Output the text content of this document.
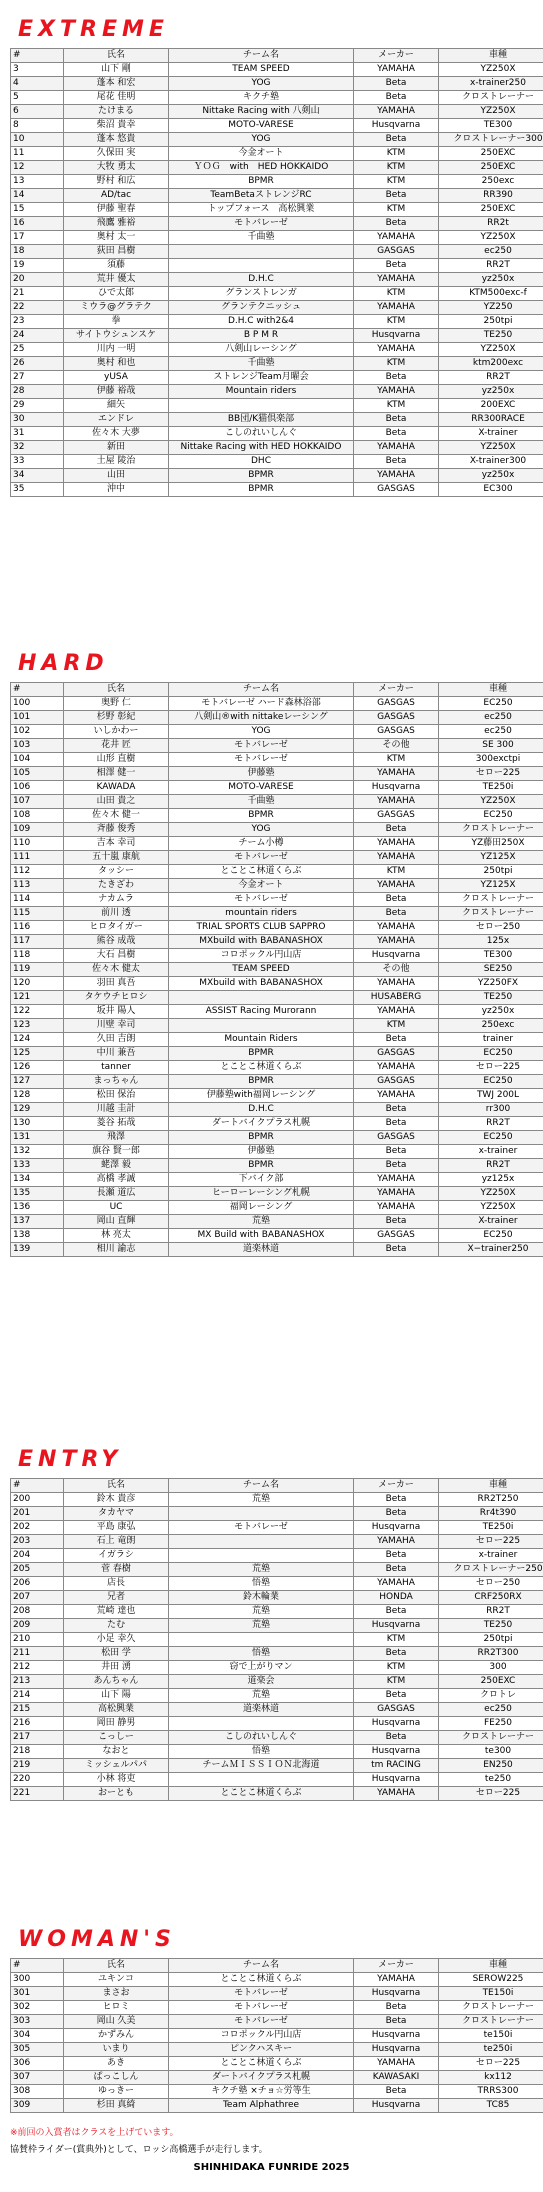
EXTREME
#	氏名	チーム名	メーカー	車種
3	山下 剛	TEAM SPEED	YAMAHA	YZ250X
4	蓬本 和宏	YOG	Beta	x-trainer250
5	尾花 佳明	キクチ塾	Beta	クロストレーナー
6	たけまる	Nittake Racing with 八剣山	YAMAHA	YZ250X
8	柴沼 貴幸	MOTO-VARESE	Husqvarna	TE300
10	蓬本 悠貴	YOG	Beta	クロストレーナー300
11	久保田 実	今金オート	KTM	250EXC
12	大牧 勇太	ＹＯＧ　with　HED HOKKAIDO	KTM	250EXC
13	野村 和広	BPMR	KTM	250exc
14	AD/tac	TeamBetaストレンジRC	Beta	RR390
15	伊藤 聖春	トップフォース　高松興業	KTM	250EXC
16	飛鷹 雅裕	モトバレーゼ	Beta	RR2t
17	奥村 太一	千曲塾	YAMAHA	YZ250X
18	荻田 昌樹		GASGAS	ec250
19	須藤		Beta	RR2T
20	荒井 優太	D.H.C	YAMAHA	yz250x
21	ひで太郎	グランストレンガ	KTM	KTM500exc-f
22	ミウラ@グラテク	グランテクニッシュ	YAMAHA	YZ250
23	拳	D.H.C with2&4	KTM	250tpi
24	サイトウシュンスケ	B P M R	Husqvarna	TE250
25	川内 一明	八剣山レーシング	YAMAHA	YZ250X
26	奥村 和也	千曲塾	KTM	ktm200exc
27	yUSA	ストレンジTeam月曜会	Beta	RR2T
28	伊藤 裕哉	Mountain riders	YAMAHA	yz250x
29	細矢		KTM	200EXC
30	エンドレ	BB団/K猫倶楽部	Beta	RR300RACE
31	佐々木 大夢	こしのれいしんぐ	Beta	X-trainer
32	新田	Nittake Racing with HED HOKKAIDO	YAMAHA	YZ250X
33	土屋 陵治	DHC	Beta	X-trainer300
34	山田	BPMR	YAMAHA	yz250x
35	沖中	BPMR	GASGAS	EC300
HARD
#	氏名	チーム名	メーカー	車種
100	奥野 仁	モトバレーゼ ハード森林浴部	GASGAS	EC250
101	杉野 彰紀	八剣山®with nittakeレーシング	GASGAS	ec250
102	いしかわー	YOG	GASGAS	ec250
103	花井 匠	モトバレーゼ	その他	SE 300
104	山形 直樹	モトバレーゼ	KTM	300exctpi
105	相澤 健一	伊藤塾	YAMAHA	セロー225
106	KAWADA	MOTO-VARESE	Husqvarna	TE250i
107	山田 貴之	千曲塾	YAMAHA	YZ250X
108	佐々木 健一	BPMR	GASGAS	EC250
109	斉藤 俊秀	YOG	Beta	クロストレーナー
110	吉本 幸司	チーム小樽	YAMAHA	YZ藤田250X
111	五十嵐 康航	モトバレーゼ	YAMAHA	YZ125X
112	タッシー	とことこ林道くらぶ	KTM	250tpi
113	たきざわ	今金オート	YAMAHA	YZ125X
114	ナカムラ	モトバレーゼ	Beta	クロストレーナー
115	前川 透	mountain riders	Beta	クロストレーナー
116	ヒロタイガー	TRIAL SPORTS CLUB SAPPRO	YAMAHA	セロー250
117	熊谷 成哉	MXbuild with BABANASHOX	YAMAHA	125x
118	大石 昌樹	コロポックル円山店	Husqvarna	TE300
119	佐々木 健太	TEAM SPEED	その他	SE250
120	羽田 真吾	MXbuild with BABANASHOX	YAMAHA	YZ250FX
121	タケウチヒロシ		HUSABERG	TE250
122	坂井 陽人	ASSIST Racing Murorann	YAMAHA	yz250x
123	川壁 幸司		KTM	250exc
124	久田 吉朗	Mountain Riders	Beta	trainer
125	中川 兼吾	BPMR	GASGAS	EC250
126	tanner	とことこ林道くらぶ	YAMAHA	セロー225
127	まっちゃん	BPMR	GASGAS	EC250
128	松田 保治	伊藤塾with福岡レーシング	YAMAHA	TWJ 200L
129	川越 圭計	D.H.C	Beta	rr300
130	菱谷 拓哉	ダートバイクプラス札幌	Beta	RR2T
131	飛澤	BPMR	GASGAS	EC250
132	旗谷 賢一郎	伊藤塾	Beta	x-trainer
133	蛯澤 毅	BPMR	Beta	RR2T
134	高橋 孝誠	下バイク部	YAMAHA	yz125x
135	長瀬 道広	ヒーローレーシング札幌	YAMAHA	YZ250X
136	UC	福岡レーシング	YAMAHA	YZ250X
137	岡山 直輝	荒塾	Beta	X-trainer
138	林 亮太	MX Build with BABANASHOX	GASGAS	EC250
139	相川 諭志	道楽林道	Beta	X−trainer250
ENTRY
#	氏名	チーム名	メーカー	車種
200	鈴木 貴彦	荒塾	Beta	RR2T250
201	タカヤマ		Beta	Rr4t390
202	平島 康弘	モトバレーゼ	Husqvarna	TE250i
203	石上 竜朗		YAMAHA	セロー225
204	イガラシ		Beta	x-trainer
205	菅 春樹	荒塾	Beta	クロストレーナー250
206	店長	悟塾	YAMAHA	セロー250
207	兄者	鈴木輪業	HONDA	CRF250RX
208	荒崎 達也	荒塾	Beta	RR2T
209	たむ	荒塾	Husqvarna	TE250
210	小足 幸久		KTM	250tpi
211	松田 学	悟塾	Beta	RR2T300
212	井田 湧	窃で上がりマン	KTM	300
213	あんちゃん	道楽会	KTM	250EXC
214	山下 陽	荒塾	Beta	クロトレ
215	高松興業	道楽林道	GASGAS	ec250
216	岡田 静男		Husqvarna	FE250
217	こっしー	こしのれいしんぐ	Beta	クロストレーナー
218	なおと	悟塾	Husqvarna	te300
219	ミッシェルパパ	チームＭＩＳＳＩＯＮ北海道	tm RACING	EN250
220	小林 将吏		Husqvarna	te250
221	おーとも	とことこ林道くらぶ	YAMAHA	セロー225
WOMAN'S
#	氏名	チーム名	メーカー	車種
300	ユキンコ	とことこ林道くらぶ	YAMAHA	SEROW225
301	まさお	モトバレーゼ	Husqvarna	TE150i
302	ヒロミ	モトバレーゼ	Beta	クロストレーナー
303	岡山 久美	モトバレーゼ	Beta	クロストレーナー
304	かずみん	コロポックル円山店	Husqvarna	te150i
305	いまり	ピンクハスキー	Husqvarna	te250i
306	あき	とことこ林道くらぶ	YAMAHA	セロー225
307	ぱっこしん	ダートバイクプラス札幌	KAWASAKI	kx112
308	ゆっきー	キクチ塾 ×チョ☆労等生	Beta	TRRS300
309	杉田 真綺	Team Alphathree	Husqvarna	TC85

※前回の入賞者はクラスを上げています。

協賛枠ライダー(賞典外)として、ロッシ高橋選手が走行します。

SHINHIDAKA FUNRIDE 2025
